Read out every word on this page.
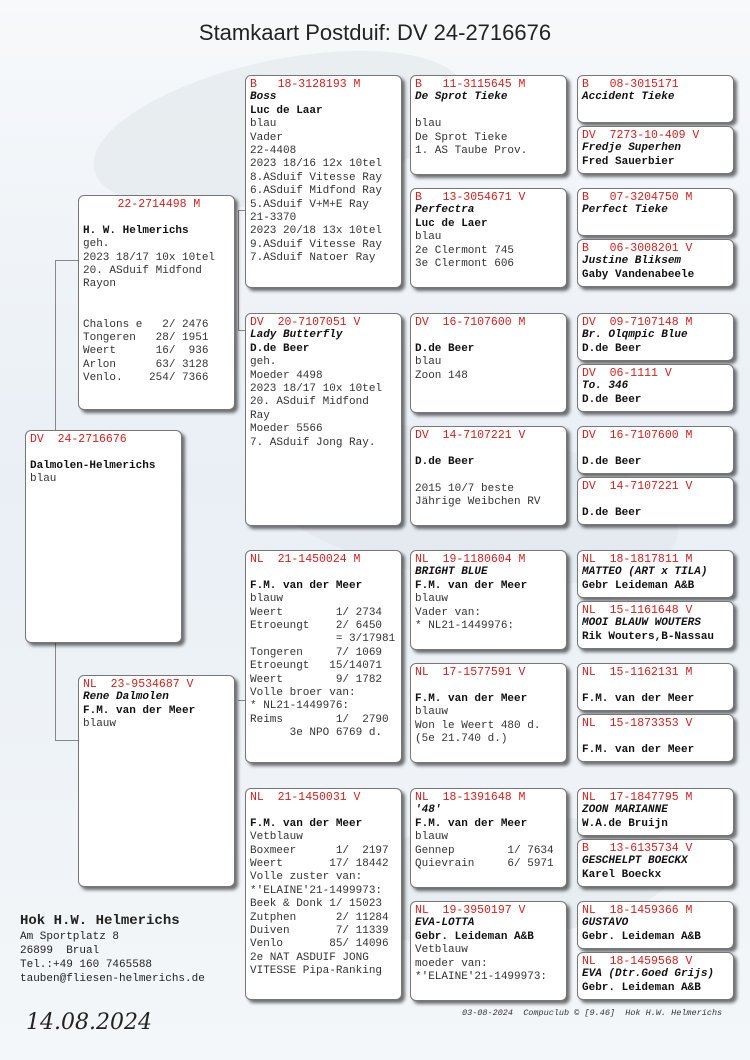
Stamkaart Postduif: DV 24-2716676
DV  24-2716676
Dalmolen-Helmerichs
blau
22-2714498 M
H. W. Helmerichs
geh.
2023 18/17 10x 10tel
20. ASduif Midfond
Rayon
Chalons e   2/ 2476
Tongeren   28/ 1951
Weert      16/  936
Arlon      63/ 3128
Venlo.    254/ 7366
NL  23-9534687 V
Rene Dalmolen
F.M. van der Meer
blauw
B   18-3128193 M
Boss
Luc de Laar
blau
Vader
22-4408
2023 18/16 12x 10tel
8.ASduif Vitesse Ray
6.ASduif Midfond Ray
5.ASduif V+M+E Ray
21-3370
2023 20/18 13x 10tel
9.ASduif Vitesse Ray
7.ASduif Natoer Ray
DV  20-7107051 V
Lady Butterfly
D.de Beer
geh.
Moeder 4498
2023 18/17 10x 10tel
20. ASduif Midfond
Ray
Moeder 5566
7. ASduif Jong Ray.
NL  21-1450024 M
F.M. van der Meer
blauw
Weert        1/ 2734
Etroeungt    2/ 6450
= 3/17981
Tongeren     7/ 1069
Etroeungt   15/14071
Weert        9/ 1782
Volle broer van:
* NL21-1449976:
Reims        1/  2790
3e NPO 6769 d.
NL  21-1450031 V
F.M. van der Meer
Vetblauw
Boxmeer      1/  2197
Weert       17/ 18442
Volle zuster van:
*'ELAINE'21-1499973:
Beek & Donk 1/ 15023
Zutphen      2/ 11284
Duiven       7/ 11339
Venlo       85/ 14096
2e NAT ASDUIF JONG
VITESSE Pipa-Ranking
B   11-3115645 M
De Sprot Tieke
blau
De Sprot Tieke
1. AS Taube Prov.
B   13-3054671 V
Perfectra
Luc de Laer
blau
2e Clermont 745
3e Clermont 606
DV  16-7107600 M
D.de Beer
blau
Zoon 148
DV  14-7107221 V
D.de Beer
2015 10/7 beste
Jährige Weibchen RV
NL  19-1180604 M
BRIGHT BLUE
F.M. van der Meer
blauw
Vader van:
* NL21-1449976:
NL  17-1577591 V
F.M. van der Meer
blauw
Won le Weert 480 d.
(5e 21.740 d.)
NL  18-1391648 M
'48'
F.M. van der Meer
blauw
Gennep        1/ 7634
Quievrain     6/ 5971
NL  19-3950197 V
EVA-LOTTA
Gebr. Leideman A&B
Vetblauw
moeder van:
*'ELAINE'21-1499973:
B   08-3015171
Accident Tieke
DV  7273-10-409 V
Fredje Superhen
Fred Sauerbier
B   07-3204750 M
Perfect Tieke
B   06-3008201 V
Justine Bliksem
Gaby Vandenabeele
DV  09-7107148 M
Br. Olqmpic Blue
D.de Beer
DV  06-1111 V
To. 346
D.de Beer
DV  16-7107600 M
D.de Beer
DV  14-7107221 V
D.de Beer
NL  18-1817811 M
MATTEO (ART x TILA)
Gebr Leideman A&B
NL  15-1161648 V
MOOI BLAUW WOUTERS
Rik Wouters,B-Nassau
NL  15-1162131 M
F.M. van der Meer
NL  15-1873353 V
F.M. van der Meer
NL  17-1847795 M
ZOON MARIANNE
W.A.de Bruijn
B   13-6135734 V
GESCHELPT BOECKX
Karel Boeckx
NL  18-1459366 M
GUSTAVO
Gebr. Leideman A&B
NL  18-1459568 V
EVA (Dtr.Goed Grijs)
Gebr. Leideman A&B
Hok H.W. Helmerichs
Am Sportplatz 8
26899  Brual
Tel.:+49 160 7465588
tauben@fliesen-helmerichs.de
03-08-2024  Compuclub © [9.46]  Hok H.W. Helmerichs
14.08.2024
